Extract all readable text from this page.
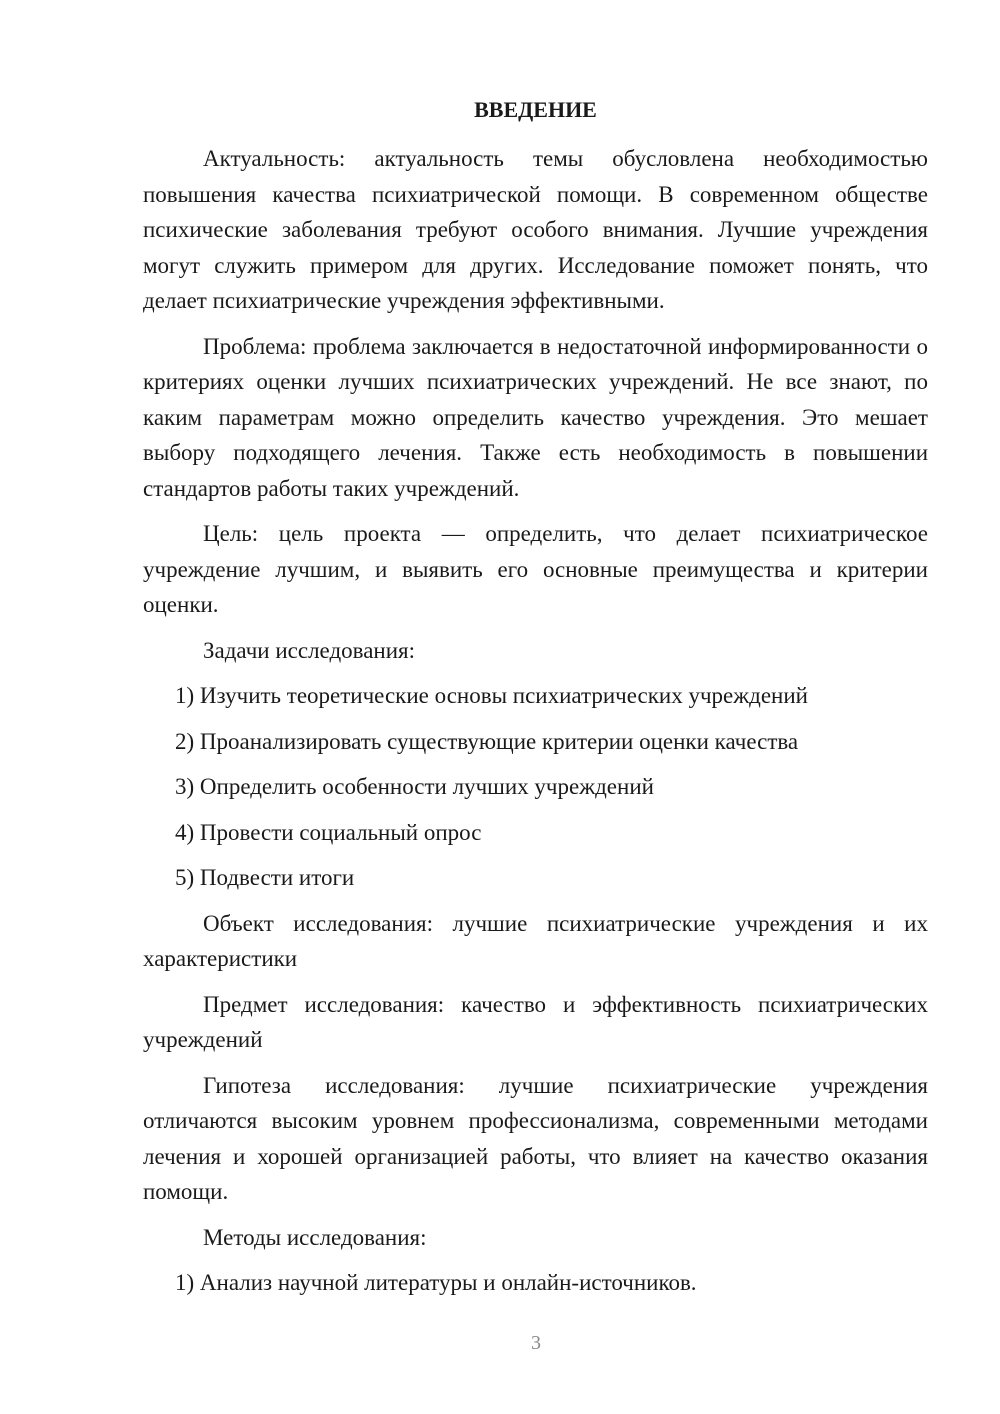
ВВЕДЕНИЕ

Актуальность: актуальность темы обусловлена необходимостью повышения качества психиатрической помощи. В современном обществе психические заболевания требуют особого внимания. Лучшие учреждения могут служить примером для других. Исследование поможет понять, что делает психиатрические учреждения эффективными.

Проблема: проблема заключается в недостаточной информированности о критериях оценки лучших психиатрических учреждений. Не все знают, по каким параметрам можно определить качество учреждения. Это мешает выбору подходящего лечения. Также есть необходимость в повышении стандартов работы таких учреждений.

Цель: цель проекта — определить, что делает психиатрическое учреждение лучшим, и выявить его основные преимущества и критерии оценки.

Задачи исследования:

1) Изучить теоретические основы психиатрических учреждений
2) Проанализировать существующие критерии оценки качества
3) Определить особенности лучших учреждений
4) Провести социальный опрос
5) Подвести итоги

Объект исследования: лучшие психиатрические учреждения и их характеристики

Предмет исследования: качество и эффективность психиатрических учреждений

Гипотеза исследования: лучшие психиатрические учреждения отличаются высоким уровнем профессионализма, современными методами лечения и хорошей организацией работы, что влияет на качество оказания помощи.

Методы исследования:

1) Анализ научной литературы и онлайн-источников.
3
